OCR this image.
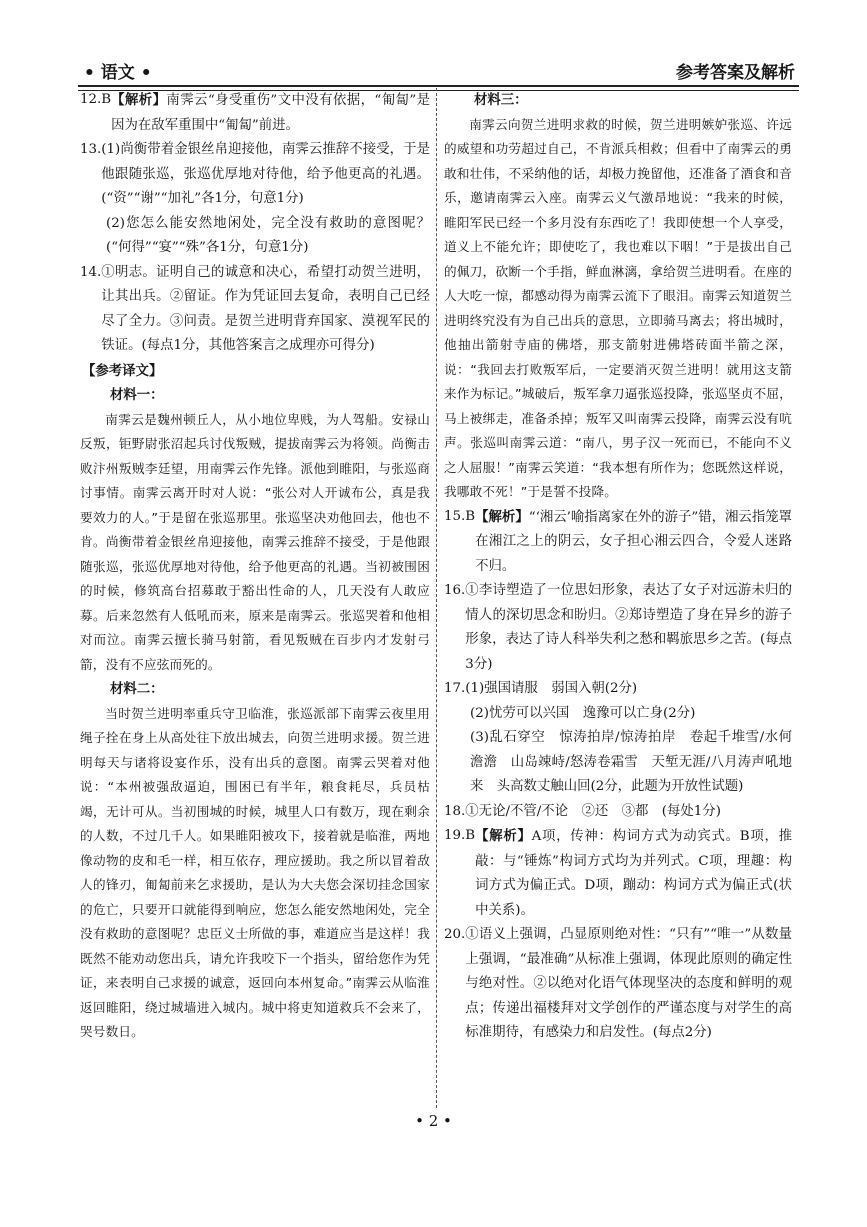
• 语文 •	参考答案及解析
12.B 【解析】南霁云“身受重伤”文中没有依据，“匍匐”是因为在敌军重围中“匍匐”前进。
13. (1)尚衡带着金银丝帛迎接他，南霁云推辞不接受，于是他跟随张巡，张巡优厚地对待他，给予他更高的礼遇。(“资”“谢”“加礼”各1分，句意1分)
(2)您怎么能安然地闲处，完全没有救助的意图呢？(“何得”“宴”“殊”各1分，句意1分)
14. ①明志。证明自己的诚意和决心，希望打动贺兰进明，让其出兵。②留证。作为凭证回去复命，表明自己已经尽了全力。③问责。是贺兰进明背弃国家、漠视军民的铁证。(每点1分，其他答案言之成理亦可得分)
【参考译文】
材料一：
南霁云是魏州顿丘人，从小地位卑贱，为人驾船。安禄山反叛，钜野尉张沼起兵讨伐叛贼，提拔南霁云为将领。尚衡击败汴州叛贼李廷望，用南霁云作先锋。派他到睢阳，与张巡商讨事情。南霁云离开时对人说：“张公对人开诚布公，真是我要效力的人。”于是留在张巡那里。张巡坚决劝他回去，他也不肯。尚衡带着金银丝帛迎接他，南霁云推辞不接受，于是他跟随张巡，张巡优厚地对待他，给予他更高的礼遇。当初被围困的时候，修筑高台招募敢于豁出性命的人，几天没有人敢应募。后来忽然有人低吼而来，原来是南霁云。张巡哭着和他相对而泣。南霁云擅长骑马射箭，看见叛贼在百步内才发射弓箭，没有不应弦而死的。
材料二：
当时贺兰进明率重兵守卫临淮，张巡派部下南霁云夜里用绳子拴在身上从高处往下放出城去，向贺兰进明求援。贺兰进明每天与诸将设宴作乐，没有出兵的意图。南霁云哭着对他说：“本州被强敌逼迫，围困已有半年，粮食耗尽，兵员枯竭，无计可从。当初围城的时候，城里人口有数万，现在剩余的人数，不过几千人。如果睢阳被攻下，接着就是临淮，两地像动物的皮和毛一样，相互依存，理应援助。我之所以冒着敌人的锋刃，匍匐前来乞求援助，是认为大夫您会深切挂念国家的危亡，只要开口就能得到响应，您怎么能安然地闲处，完全没有救助的意图呢？忠臣义士所做的事，难道应当是这样！我既然不能劝动您出兵，请允许我咬下一个指头，留给您作为凭证，来表明自己求援的诚意，返回向本州复命。”南霁云从临淮返回睢阳，绕过城墙进入城内。城中将吏知道救兵不会来了，哭号数日。
材料三：
南霁云向贺兰进明求救的时候，贺兰进明嫉妒张巡、许远的威望和功劳超过自己，不肯派兵相救；但看中了南霁云的勇敢和壮伟，不采纳他的话，却极力挽留他，还准备了酒食和音乐，邀请南霁云入座。南霁云义气激昂地说：“我来的时候，睢阳军民已经一个多月没有东西吃了！我即使想一个人享受，道义上不能允许；即使吃了，我也难以下咽！”于是拔出自己的佩刀，砍断一个手指，鲜血淋漓，拿给贺兰进明看。在座的人大吃一惊，都感动得为南霁云流下了眼泪。南霁云知道贺兰进明终究没有为自己出兵的意思，立即骑马离去；将出城时，他抽出箭射寺庙的佛塔，那支箭射进佛塔砖面半箭之深，说：“我回去打败叛军后，一定要消灭贺兰进明！就用这支箭来作为标记。”城破后，叛军拿刀逼张巡投降，张巡坚贞不屈，马上被绑走，准备杀掉；叛军又叫南霁云投降，南霁云没有吭声。张巡叫南霁云道：“南八，男子汉一死而已，不能向不义之人屈服！”南霁云笑道：“我本想有所作为；您既然这样说，我哪敢不死！”于是誓不投降。
15.B 【解析】“‘湘云’喻指离家在外的游子”错，湘云指笼罩在湘江之上的阴云，女子担心湘云四合，令爱人迷路不归。
16. ①李诗塑造了一位思妇形象，表达了女子对远游未归的情人的深切思念和盼归。②郑诗塑造了身在异乡的游子形象，表达了诗人科举失利之愁和羁旅思乡之苦。(每点3分)
17. (1)强国请服　弱国入朝(2分)
(2)忧劳可以兴国　逸豫可以亡身(2分)
(3)乱石穿空　惊涛拍岸/惊涛拍岸　卷起千堆雪/水何澹澹　山岛竦峙/怒涛卷霜雪　天堑无涯/八月涛声吼地来　头高数丈触山回(2分，此题为开放性试题)
18. ①无论/不管/不论　②还　③都　(每处1分)
19.B 【解析】A项，传神：构词方式为动宾式。B项，推敲：与“锤炼”构词方式均为并列式。C项，理趣：构词方式为偏正式。D项，蹦动：构词方式为偏正式(状中关系)。
20. ①语义上强调，凸显原则绝对性：“只有”“唯一”从数量上强调，“最准确”从标准上强调，体现此原则的确定性与绝对性。②以绝对化语气体现坚决的态度和鲜明的观点；传递出福楼拜对文学创作的严谨态度与对学生的高标准期待，有感染力和启发性。(每点2分)
• 2 •
